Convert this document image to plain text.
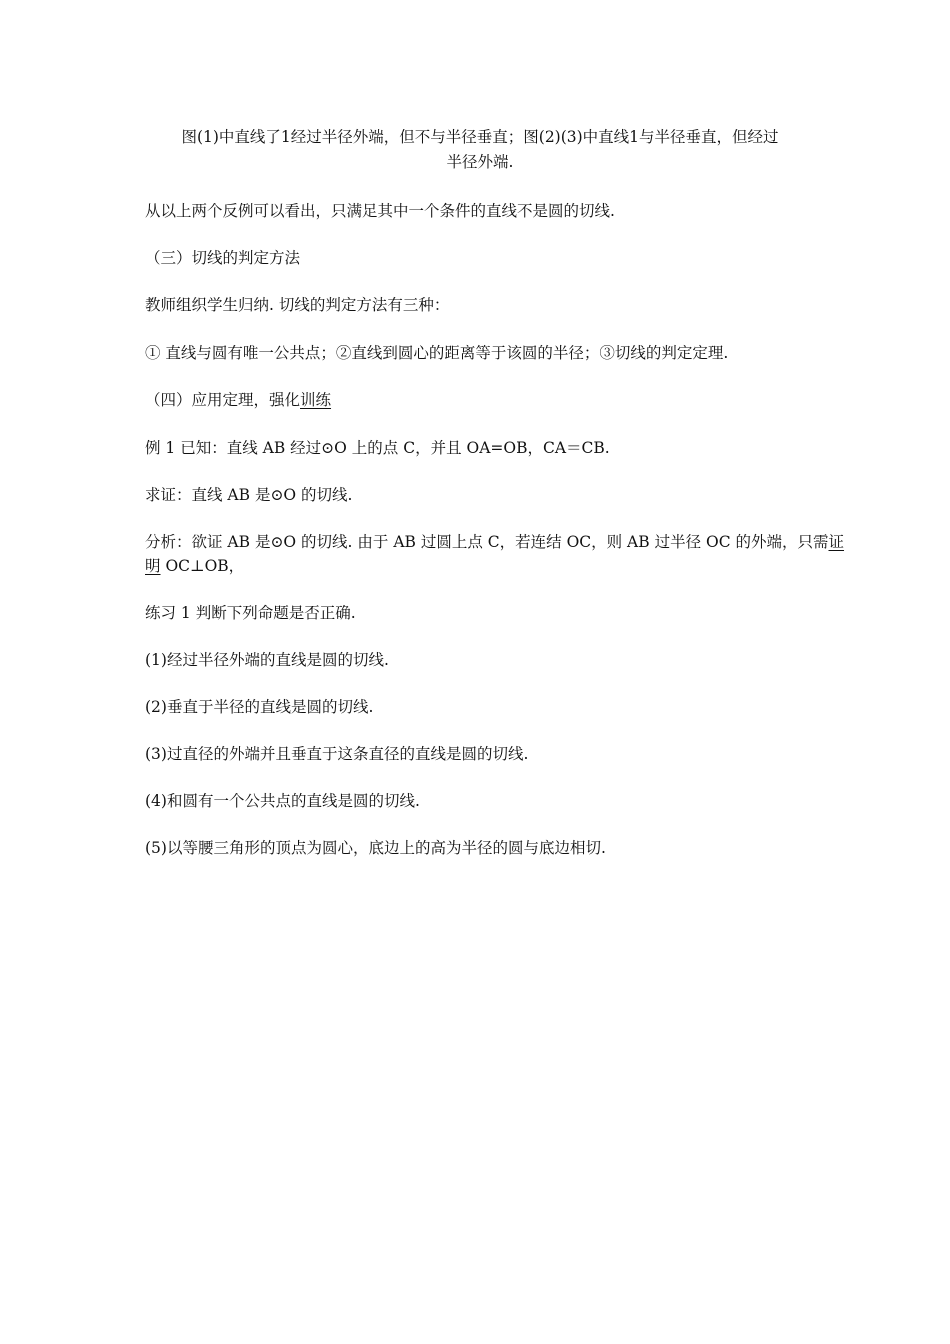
图(1)中直线了1经过半径外端，但不与半径垂直；图(2)(3)中直线1与半径垂直，但经过
半径外端.
从以上两个反例可以看出，只满足其中一个条件的直线不是圆的切线.
（三）切线的判定方法
教师组织学生归纳. 切线的判定方法有三种：
① 直线与圆有唯一公共点；②直线到圆心的距离等于该圆的半径；③切线的判定定理.
（四）应用定理，强化训练
例 1 已知：直线 AB 经过⊙O 上的点 C，并且 OA=OB，CA＝CB.
求证：直线 AB 是⊙O 的切线.
分析：欲证 AB 是⊙O 的切线. 由于 AB 过圆上点 C，若连结 OC，则 AB 过半径 OC 的外端，只需证
明 OC⊥OB，
练习 1 判断下列命题是否正确.
(1)经过半径外端的直线是圆的切线.
(2)垂直于半径的直线是圆的切线.
(3)过直径的外端并且垂直于这条直径的直线是圆的切线.
(4)和圆有一个公共点的直线是圆的切线.
(5)以等腰三角形的顶点为圆心，底边上的高为半径的圆与底边相切.
